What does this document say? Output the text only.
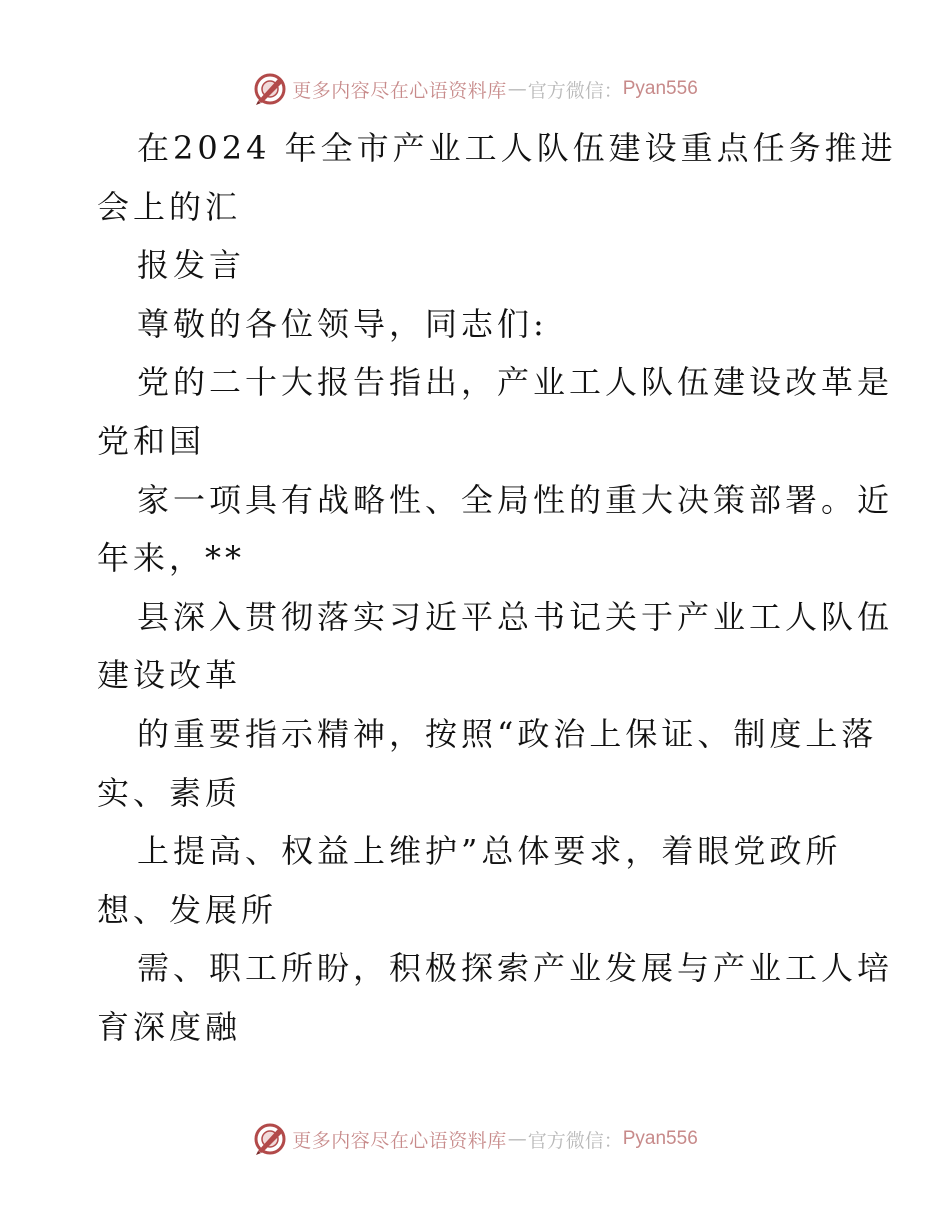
更多内容尽在心语资料库 — 官方微信： Pyan556
在2024 年全市产业工人队伍建设重点任务推进
会上的汇
报发言
尊敬的各位领导，同志们:
党的二十大报告指出，产业工人队伍建设改革是
党和国
家一项具有战略性、全局性的重大决策部署。近
年来，**
县深入贯彻落实习近平总书记关于产业工人队伍
建设改革
的重要指示精神，按照“政治上保证、制度上落
实、素质
上提高、权益上维护”总体要求，着眼党政所
想、发展所
需、职工所盼，积极探索产业发展与产业工人培
育深度融
更多内容尽在心语资料库 — 官方微信： Pyan556
